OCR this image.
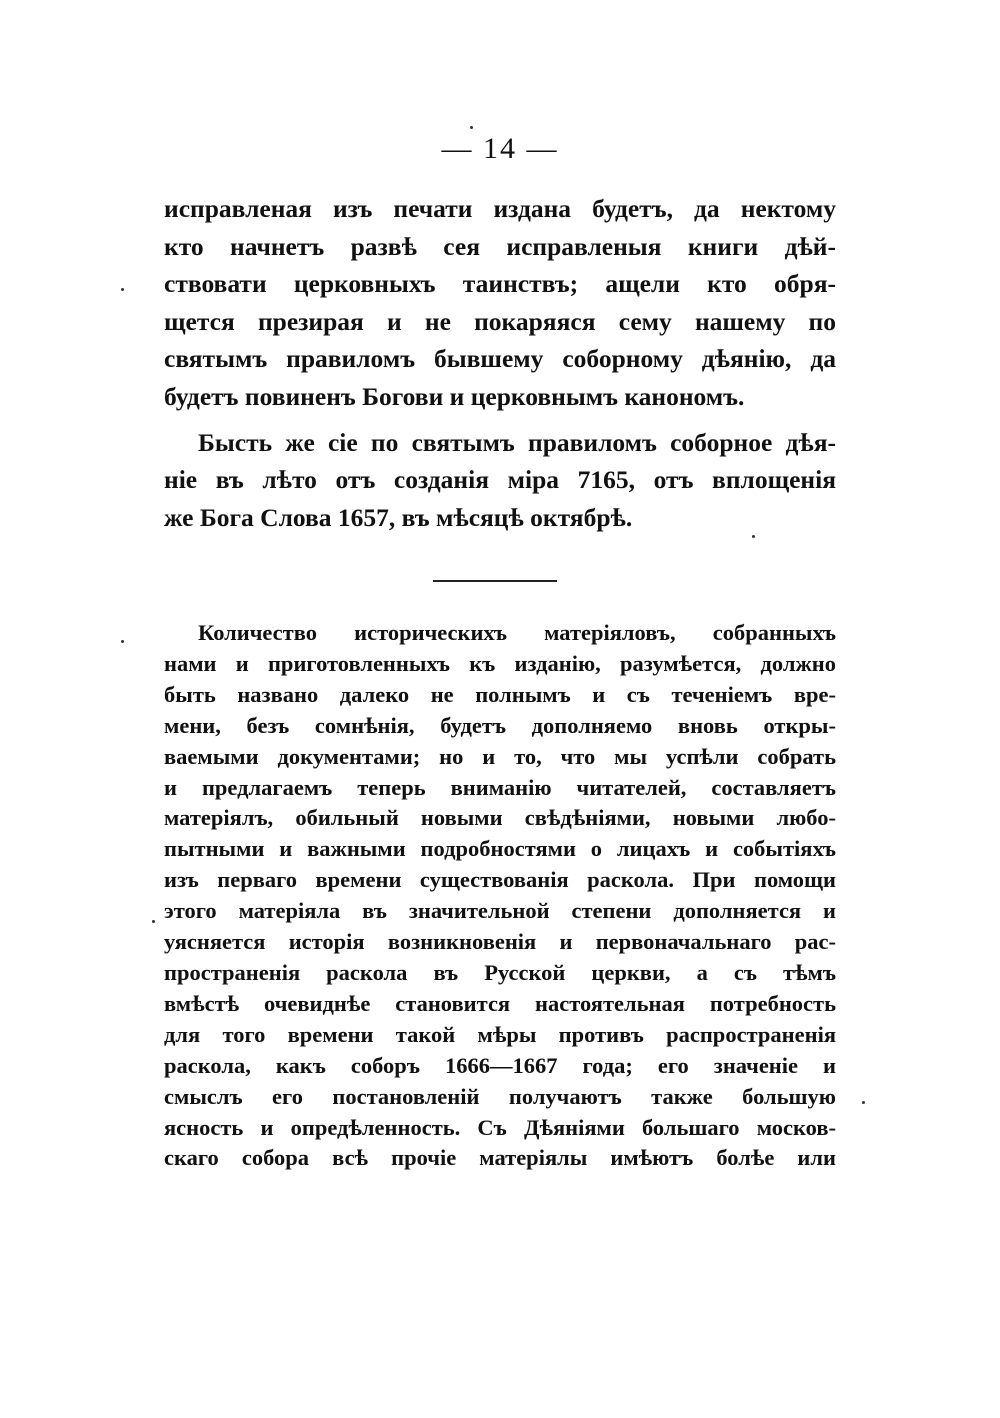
— 14 —
исправленая изъ печати издана будетъ, да нектому
кто начнетъ развѣ сея исправленыя книги дѣй-
ствовати церковныхъ таинствъ; ащели кто обря-
щется презирая и не покаряяся сему нашему по
святымъ правиломъ бывшему соборному дѣянію, да
будетъ повиненъ Богови и церковнымъ канономъ.
Бысть же сіе по святымъ правиломъ соборное дѣя-
ніе въ лѣто отъ созданія міра 7165, отъ вплощенія
же Бога Слова 1657, въ мѣсяцѣ октябрѣ.
Количество историческихъ матеріяловъ, собранныхъ
нами и приготовленныхъ къ изданію, разумѣется, должно
быть названо далеко не полнымъ и съ теченіемъ вре-
мени, безъ сомнѣнія, будетъ дополняемо вновь откры-
ваемыми документами; но и то, что мы успѣли собрать
и предлагаемъ теперь вниманію читателей, составляетъ
матеріялъ, обильный новыми свѣдѣніями, новыми любо-
пытными и важными подробностями о лицахъ и событіяхъ
изъ перваго времени существованія раскола. При помощи
этого матеріяла въ значительной степени дополняется и
уясняется исторія возникновенія и первоначальнаго рас-
пространенія раскола въ Русской церкви, а съ тѣмъ
вмѣстѣ очевиднѣе становится настоятельная потребность
для того времени такой мѣры противъ распространенія
раскола, какъ соборъ 1666—1667 года; его значеніе и
смыслъ его постановленій получаютъ также большую
ясность и опредѣленность. Съ Дѣяніями большаго москов-
скаго собора всѣ прочіе матеріялы имѣютъ болѣе или
